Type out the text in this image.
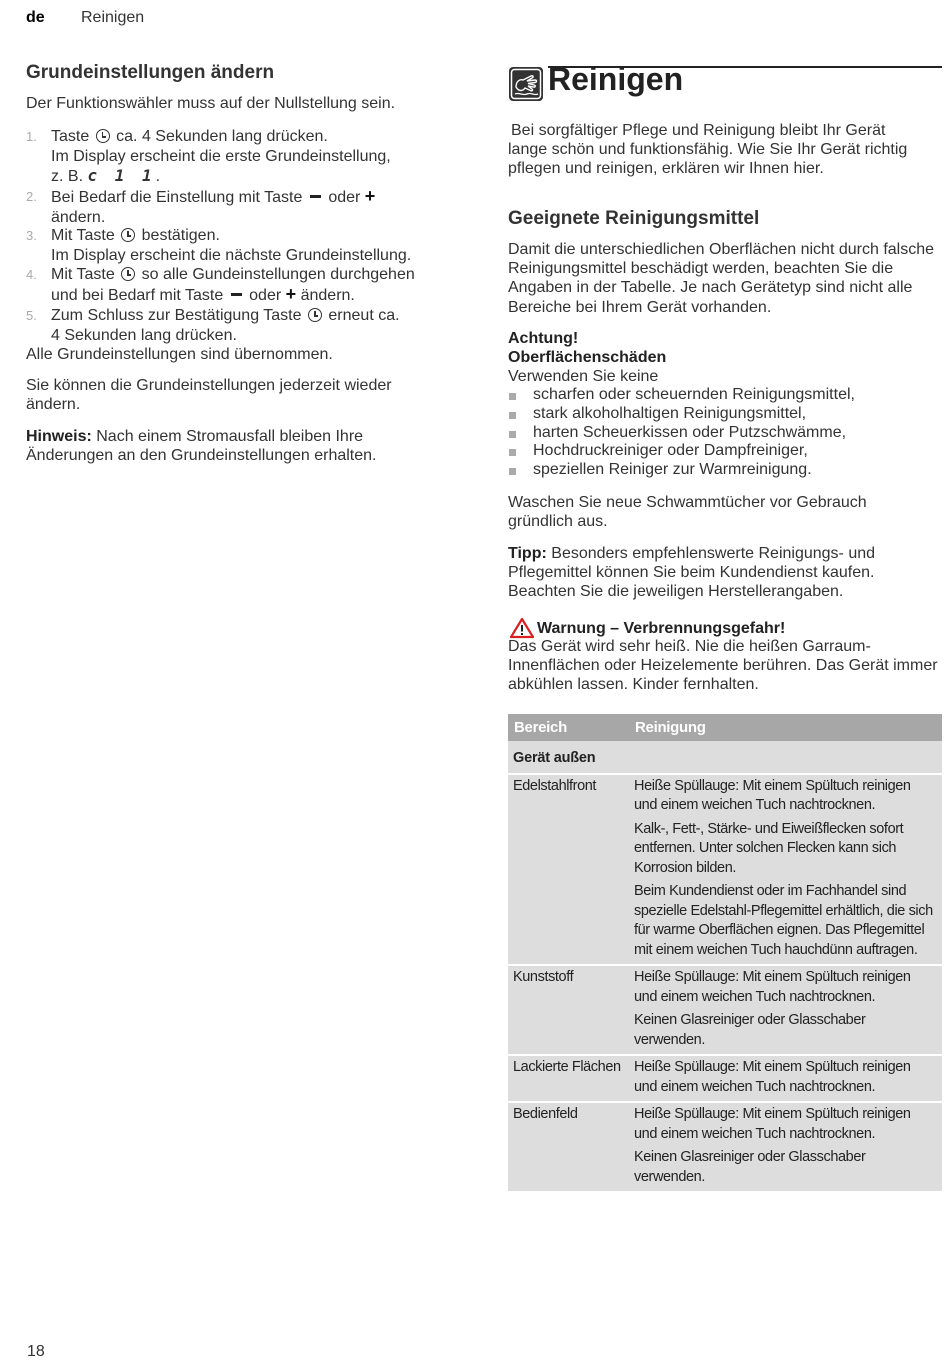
de Reinigen
Grundeinstellungen ändern
Der Funktionswähler muss auf der Nullstellung sein.
1. Taste ca. 4 Sekunden lang drücken.
Im Display erscheint die erste Grundeinstellung,
z. B. c 1 1.
2. Bei Bedarf die Einstellung mit Taste oder +
ändern.
3. Mit Taste bestätigen.
Im Display erscheint die nächste Grundeinstellung.
4. Mit Taste so alle Gundeinstellungen durchgehen
und bei Bedarf mit Taste oder + ändern.
5. Zum Schluss zur Bestätigung Taste erneut ca.
4 Sekunden lang drücken.
Alle Grundeinstellungen sind übernommen.
Sie können die Grundeinstellungen jederzeit wieder ändern.
Hinweis: Nach einem Stromausfall bleiben Ihre Änderungen an den Grundeinstellungen erhalten.
Reinigen
Bei sorgfältiger Pflege und Reinigung bleibt Ihr Gerät lange schön und funktionsfähig. Wie Sie Ihr Gerät richtig pflegen und reinigen, erklären wir Ihnen hier.
Geeignete Reinigungsmittel
Damit die unterschiedlichen Oberflächen nicht durch falsche Reinigungsmittel beschädigt werden, beachten Sie die Angaben in der Tabelle. Je nach Gerätetyp sind nicht alle Bereiche bei Ihrem Gerät vorhanden.
Achtung!
Oberflächenschäden
Verwenden Sie keine
scharfen oder scheuernden Reinigungsmittel,
stark alkoholhaltigen Reinigungsmittel,
harten Scheuerkissen oder Putzschwämme,
Hochdruckreiniger oder Dampfreiniger,
speziellen Reiniger zur Warmreinigung.
Waschen Sie neue Schwammtücher vor Gebrauch gründlich aus.
Tipp: Besonders empfehlenswerte Reinigungs- und Pflegemittel können Sie beim Kundendienst kaufen. Beachten Sie die jeweiligen Herstellerangaben.
Warnung – Verbrennungsgefahr!
Das Gerät wird sehr heiß. Nie die heißen Garraum-Innenflächen oder Heizelemente berühren. Das Gerät immer abkühlen lassen. Kinder fernhalten.
Bereich	Reinigung
Gerät außen	
Edelstahlfront	Heiße Spüllauge: Mit einem Spültuch reinigen und einem weichen Tuch nachtrocknen.
Kalk-, Fett-, Stärke- und Eiweißflecken sofort entfernen. Unter solchen Flecken kann sich Korrosion bilden.
Beim Kundendienst oder im Fachhandel sind spezielle Edelstahl-Pflegemittel erhältlich, die sich für warme Oberflächen eignen. Das Pflegemittel mit einem weichen Tuch hauchdünn auftragen.

Kunststoff	Heiße Spüllauge: Mit einem Spültuch reinigen und einem weichen Tuch nachtrocknen.
Keinen Glasreiniger oder Glasschaber verwenden.

Lackierte Flächen	Heiße Spüllauge: Mit einem Spültuch reinigen und einem weichen Tuch nachtrocknen.

Bedienfeld	Heiße Spüllauge: Mit einem Spültuch reinigen und einem weichen Tuch nachtrocknen.
Keinen Glasreiniger oder Glasschaber verwenden.
18
